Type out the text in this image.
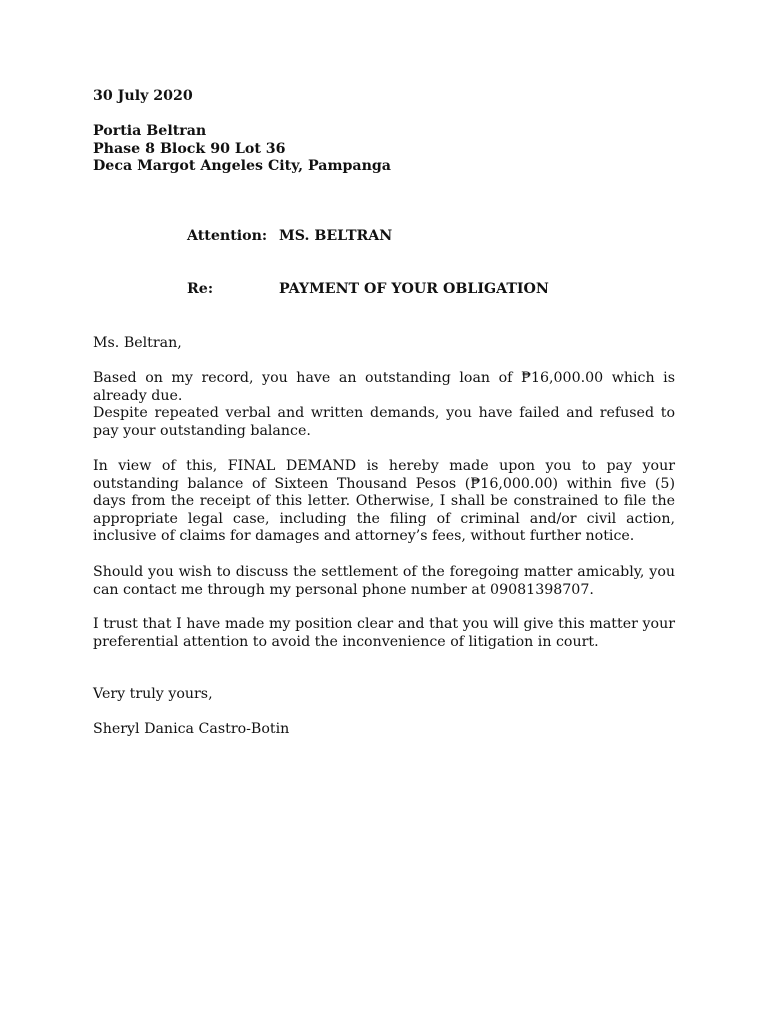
30 July 2020
Portia Beltran
Phase 8 Block 90 Lot 36
Deca Margot Angeles City, Pampanga
Attention: MS. BELTRAN
Re:	PAYMENT OF YOUR OBLIGATION
Ms. Beltran,
Based on my record, you have an outstanding loan of ₱16,000.00 which is already due.
Despite repeated verbal and written demands, you have failed and refused to pay your outstanding balance.
In view of this, FINAL DEMAND is hereby made upon you to pay your outstanding balance of Sixteen Thousand Pesos (₱16,000.00) within five (5) days from the receipt of this letter. Otherwise, I shall be constrained to file the appropriate legal case, including the filing of criminal and/or civil action, inclusive of claims for damages and attorney’s fees, without further notice.
Should you wish to discuss the settlement of the foregoing matter amicably, you can contact me through my personal phone number at 09081398707.
I trust that I have made my position clear and that you will give this matter your preferential attention to avoid the inconvenience of litigation in court.
Very truly yours,
Sheryl Danica Castro-Botin
